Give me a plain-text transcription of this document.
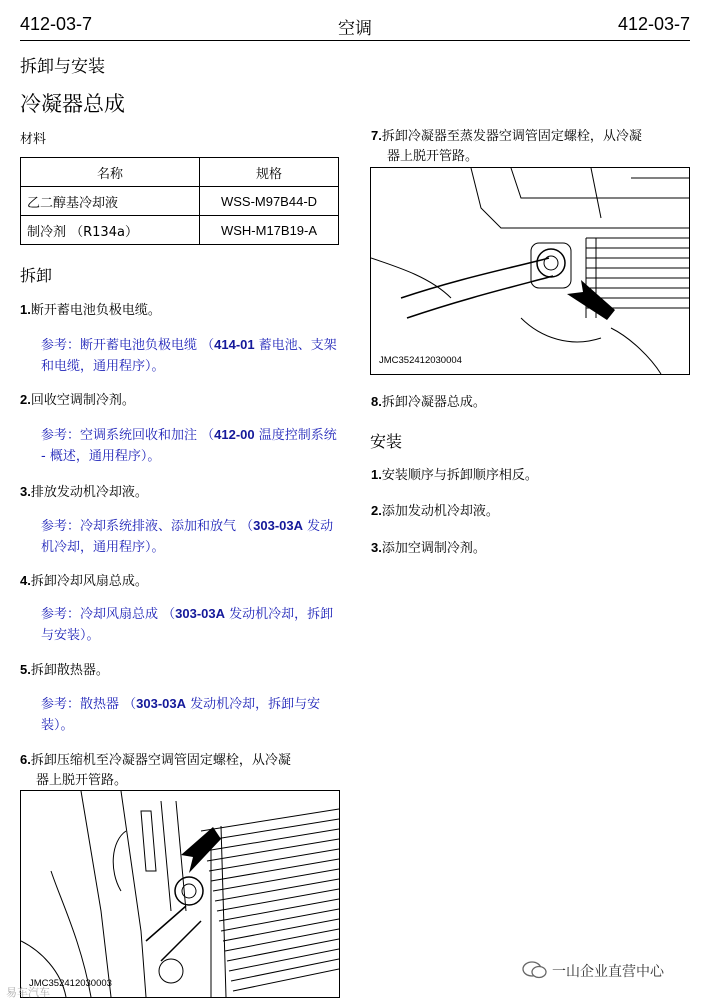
412-03-7	空调	412-03-7
拆卸与安装
冷凝器总成
材料
名称	规格
乙二醇基冷却液	WSS-M97B44-D
制冷剂 （R134a）	WSH-M17B19-A
拆卸
1.断开蓄电池负极电缆。
参考：断开蓄电池负极电缆 （414-01 蓄电池、支架和电缆，通用程序）。
2.回收空调制冷剂。
参考：空调系统回收和加注 （412-00 温度控制系统 - 概述，通用程序）。
3.排放发动机冷却液。
参考：冷却系统排液、添加和放气 （303-03A 发动机冷却，通用程序）。
4.拆卸冷却风扇总成。
参考：冷却风扇总成 （303-03A 发动机冷却，拆卸与安装）。
5.拆卸散热器。
参考：散热器 （303-03A 发动机冷却，拆卸与安装）。
6.拆卸压缩机至冷凝器空调管固定螺栓，从冷凝
器上脱开管路。
JMC352412030003
7.拆卸冷凝器至蒸发器空调管固定螺栓，从冷凝
器上脱开管路。
JMC352412030004
8.拆卸冷凝器总成。
安装
1.安装顺序与拆卸顺序相反。
2.添加发动机冷却液。
3.添加空调制冷剂。
易车汽车
一山企业直营中心
